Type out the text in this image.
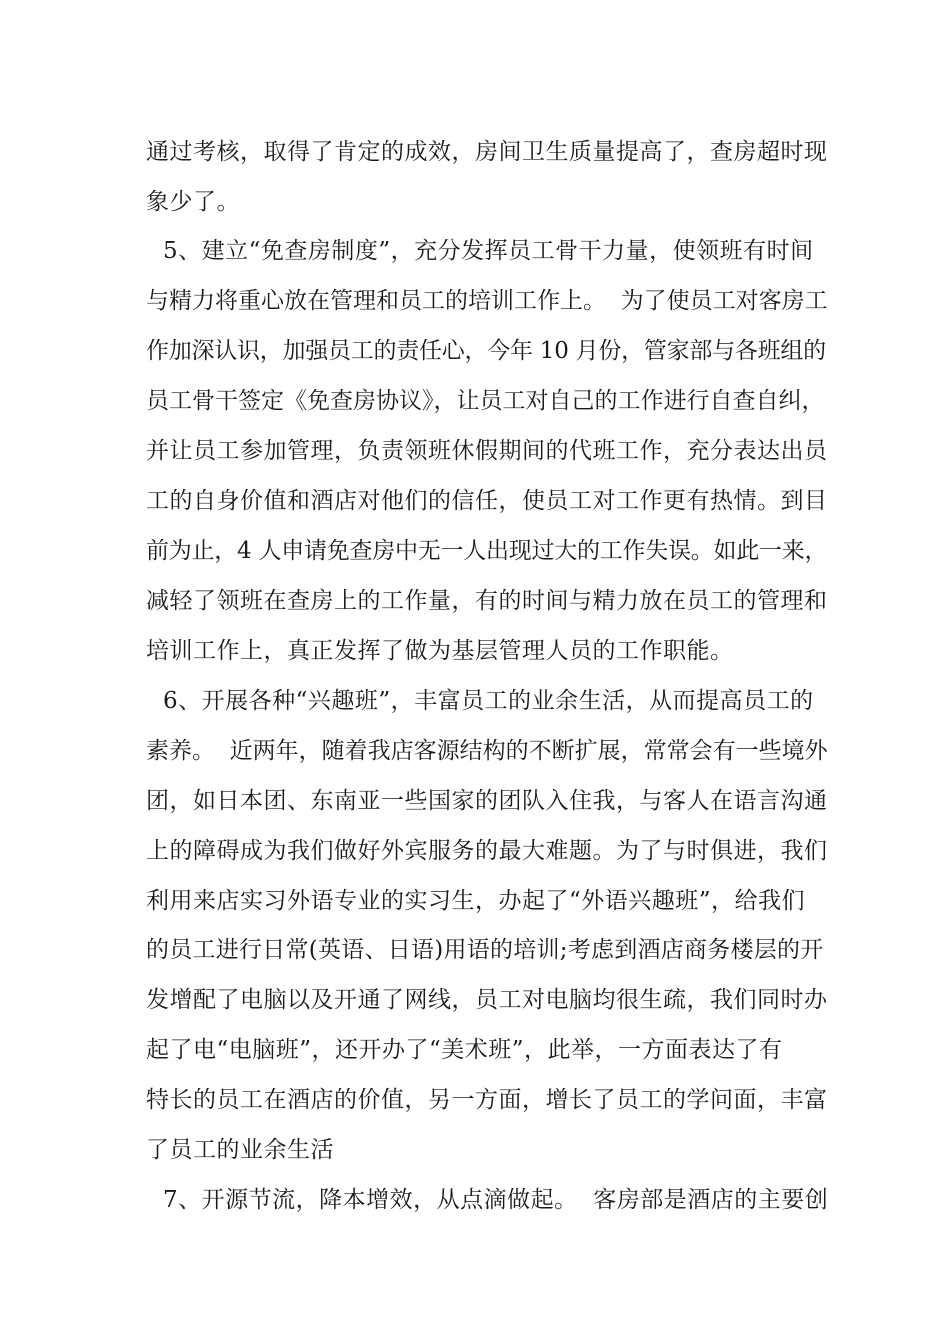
通过考核，取得了肯定的成效，房间卫生质量提高了，查房超时现
象少了。
5、建立“免查房制度”，充分发挥员工骨干力量，使领班有时间
与精力将重心放在管理和员工的培训工作上。  为了使员工对客房工
作加深认识，加强员工的责任心，今年 10 月份，管家部与各班组的
员工骨干签定《免查房协议》，让员工对自己的工作进行自查自纠，
并让员工参加管理，负责领班休假期间的代班工作，充分表达出员
工的自身价值和酒店对他们的信任，使员工对工作更有热情。到目
前为止，4 人申请免查房中无一人出现过大的工作失误。如此一来，
减轻了领班在查房上的工作量，有的时间与精力放在员工的管理和
培训工作上，真正发挥了做为基层管理人员的工作职能。
6、开展各种“兴趣班”，丰富员工的业余生活，从而提高员工的
素养。  近两年，随着我店客源结构的不断扩展，常常会有一些境外
团，如日本团、东南亚一些国家的团队入住我，与客人在语言沟通
上的障碍成为我们做好外宾服务的最大难题。为了与时俱进，我们
利用来店实习外语专业的实习生，办起了“外语兴趣班”，给我们
的员工进行日常(英语、日语)用语的培训;考虑到酒店商务楼层的开
发增配了电脑以及开通了网线，员工对电脑均很生疏，我们同时办
起了电“电脑班”，还开办了“美术班”，此举，一方面表达了有
特长的员工在酒店的价值，另一方面，增长了员工的学问面，丰富
了员工的业余生活
7、开源节流，降本增效，从点滴做起。  客房部是酒店的主要创
